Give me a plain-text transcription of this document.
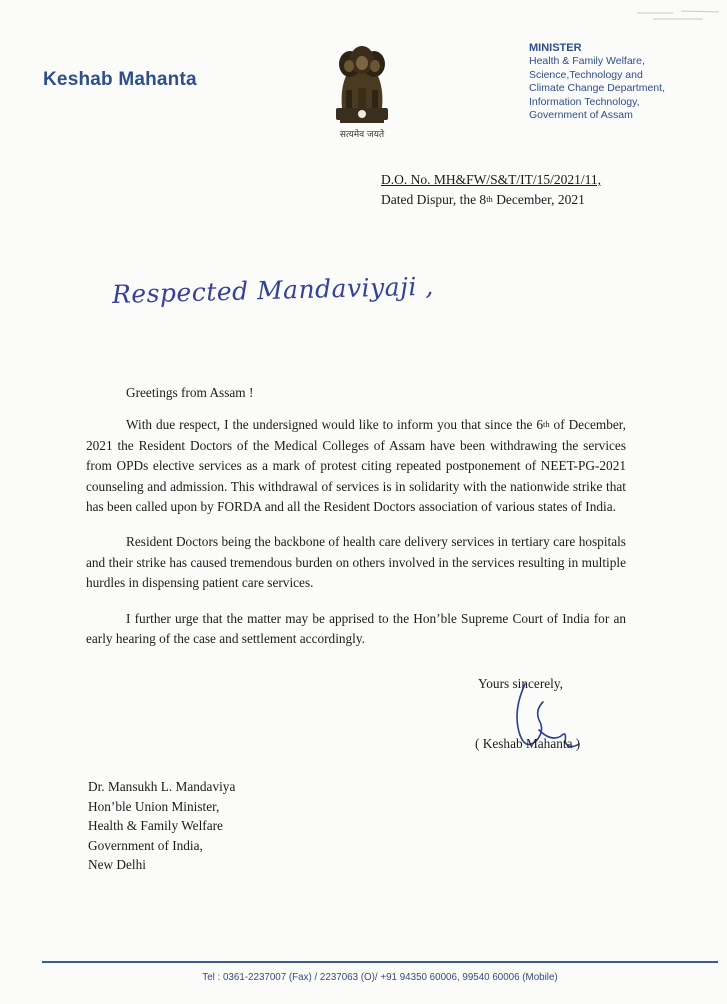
Keshab Mahanta
सत्यमेव जयते
MINISTER
Health & Family Welfare,
Science,Technology and
Climate Change Department,
Information Technology,
Government of Assam
D.O. No. MH&FW/S&T/IT/15/2021/11,
Dated Dispur, the 8th December, 2021
Respected Mandaviyaji ,
Greetings from Assam !

With due respect, I the undersigned would like to inform you that since the 6th of December, 2021 the Resident Doctors of the Medical Colleges of Assam have been withdrawing the services from OPDs elective services as a mark of protest citing repeated postponement of NEET-PG-2021 counseling and admission. This withdrawal of services is in solidarity with the nationwide strike that has been called upon by FORDA and all the Resident Doctors association of various states of India.

Resident Doctors being the backbone of health care delivery services in tertiary care hospitals and their strike has caused tremendous burden on others involved in the services resulting in multiple hurdles in dispensing patient care services.

I further urge that the matter may be apprised to the Hon’ble Supreme Court of India for an early hearing of the case and settlement accordingly.

Yours sincerely,
( Keshab Mahanta )
Dr. Mansukh L. Mandaviya
Hon’ble Union Minister,
Health & Family Welfare
Government of India,
New Delhi
Tel : 0361-2237007 (Fax) / 2237063 (O)/ +91 94350 60006, 99540 60006 (Mobile)
